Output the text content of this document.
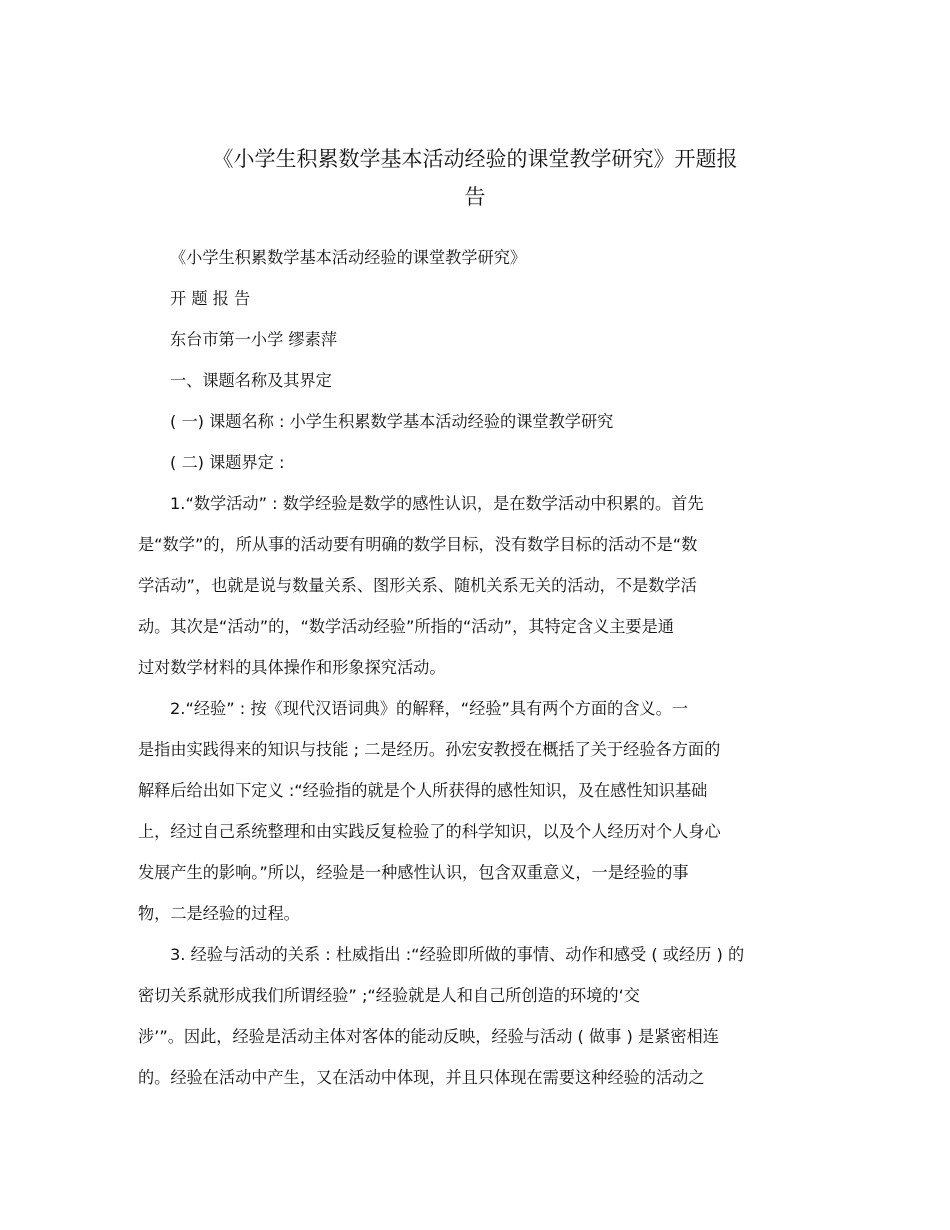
《小学生积累数学基本活动经验的课堂教学研究》开题报
告
《小学生积累数学基本活动经验的课堂教学研究》
开 题 报 告
东台市第一小学 缪素萍
一、课题名称及其界定
( 一) 课题名称 : 小学生积累数学基本活动经验的课堂教学研究
( 二) 课题界定 :
1.“数学活动” : 数学经验是数学的感性认识，是在数学活动中积累的。首先
是“数学”的，所从事的活动要有明确的数学目标，没有数学目标的活动不是“数
学活动”，也就是说与数量关系、图形关系、随机关系无关的活动，不是数学活
动。其次是“活动”的，“数学活动经验”所指的“活动”，其特定含义主要是通
过对数学材料的具体操作和形象探究活动。
2.“经验” : 按《现代汉语词典》的解释，“经验”具有两个方面的含义。一
是指由实践得来的知识与技能 ; 二是经历。孙宏安教授在概括了关于经验各方面的
解释后给出如下定义 :“经验指的就是个人所获得的感性知识，及在感性知识基础
上，经过自己系统整理和由实践反复检验了的科学知识，以及个人经历对个人身心
发展产生的影响。”所以，经验是一种感性认识，包含双重意义，一是经验的事
物，二是经验的过程。
3. 经验与活动的关系 : 杜威指出 :“经验即所做的事情、动作和感受 ( 或经历 ) 的
密切关系就形成我们所谓经验” ;“经验就是人和自己所创造的环境的‘交
涉’”。因此，经验是活动主体对客体的能动反映，经验与活动 ( 做事 ) 是紧密相连
的。经验在活动中产生，又在活动中体现，并且只体现在需要这种经验的活动之
